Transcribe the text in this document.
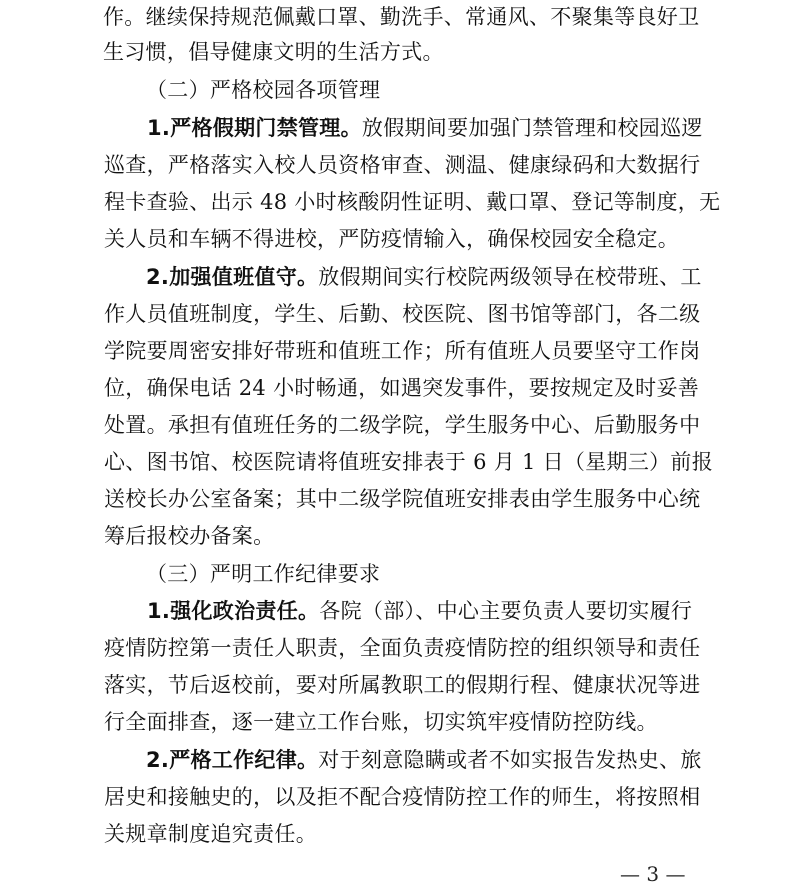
作。继续保持规范佩戴口罩、勤洗手、常通风、不聚集等良好卫
生习惯，倡导健康文明的生活方式。
（二）严格校园各项管理
1.严格假期门禁管理。放假期间要加强门禁管理和校园巡逻
巡查，严格落实入校人员资格审查、测温、健康绿码和大数据行
程卡查验、出示 48 小时核酸阴性证明、戴口罩、登记等制度，无
关人员和车辆不得进校，严防疫情输入，确保校园安全稳定。
2.加强值班值守。放假期间实行校院两级领导在校带班、工
作人员值班制度，学生、后勤、校医院、图书馆等部门，各二级
学院要周密安排好带班和值班工作；所有值班人员要坚守工作岗
位，确保电话 24 小时畅通，如遇突发事件，要按规定及时妥善
处置。承担有值班任务的二级学院，学生服务中心、后勤服务中
心、图书馆、校医院请将值班安排表于 6 月 1 日（星期三）前报
送校长办公室备案；其中二级学院值班安排表由学生服务中心统
筹后报校办备案。
（三）严明工作纪律要求
1.强化政治责任。各院（部）、中心主要负责人要切实履行
疫情防控第一责任人职责，全面负责疫情防控的组织领导和责任
落实，节后返校前，要对所属教职工的假期行程、健康状况等进
行全面排查，逐一建立工作台账，切实筑牢疫情防控防线。
2.严格工作纪律。对于刻意隐瞒或者不如实报告发热史、旅
居史和接触史的，以及拒不配合疫情防控工作的师生，将按照相
关规章制度追究责任。
— 3 —
